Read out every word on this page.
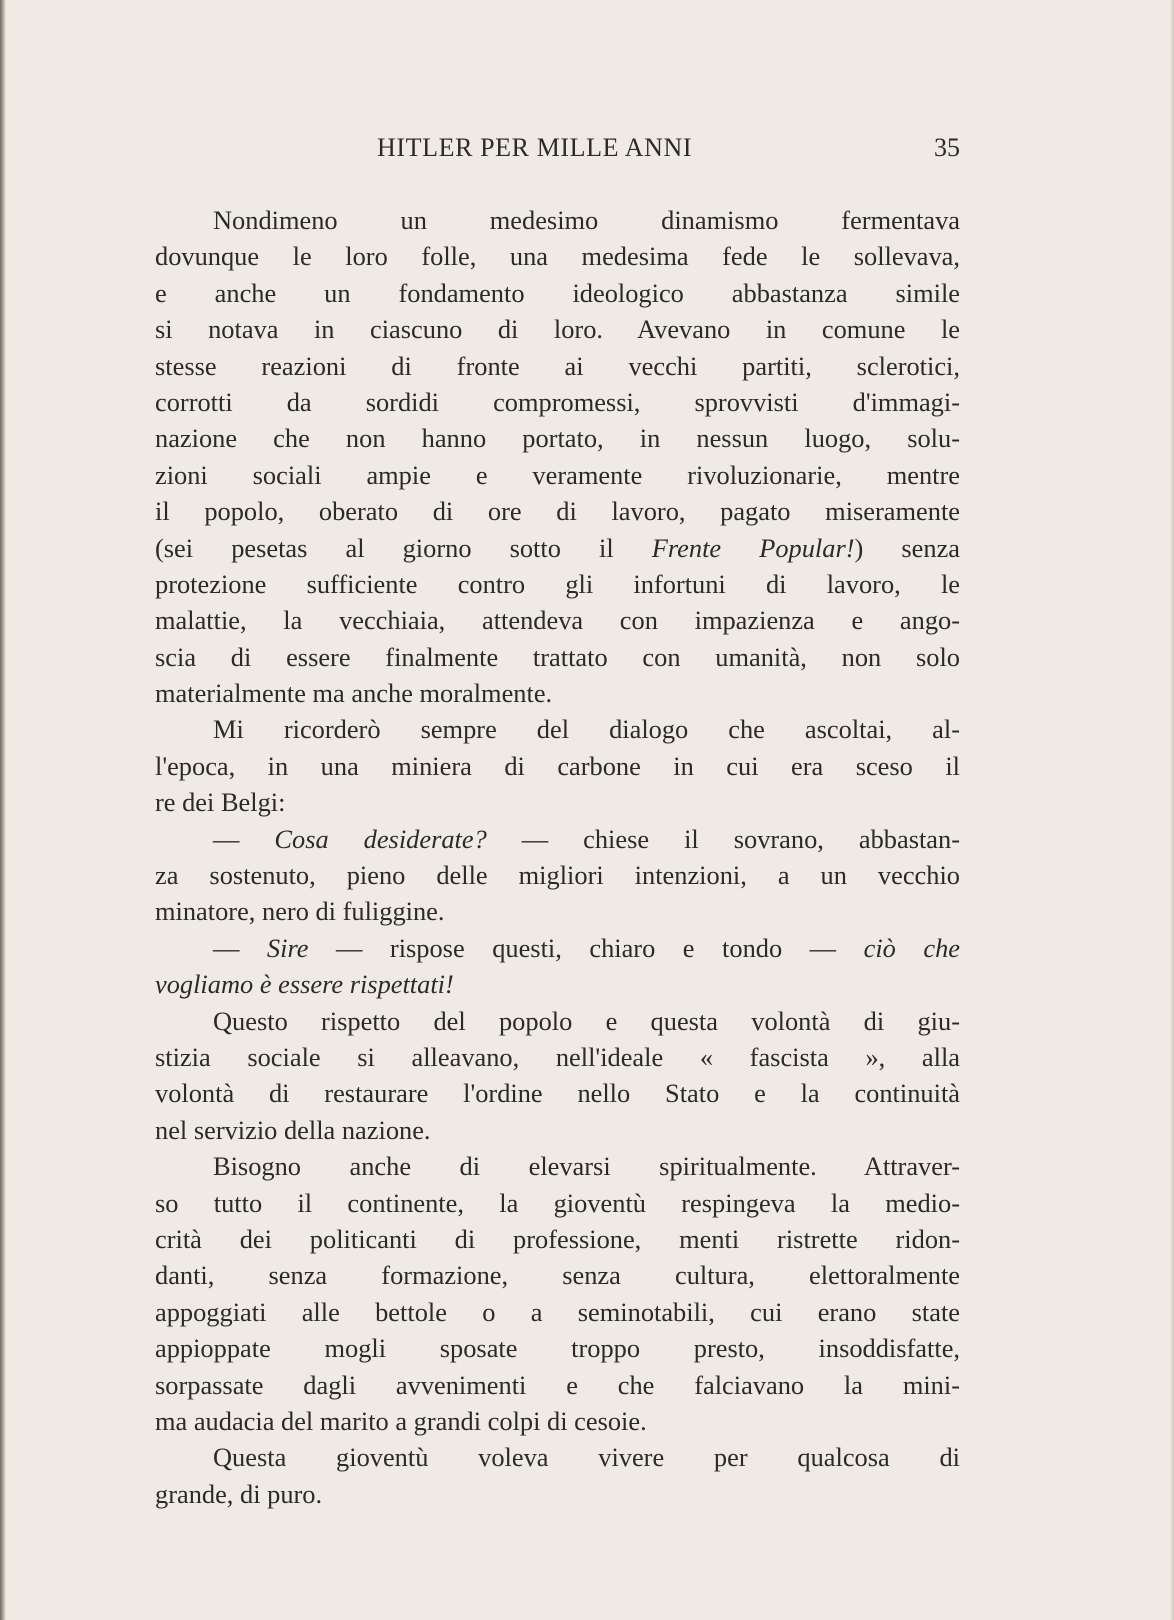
HITLER PER MILLE ANNI	35
Nondimeno un medesimo dinamismo fermentava
dovunque le loro folle, una medesima fede le sollevava,
e anche un fondamento ideologico abbastanza simile
si notava in ciascuno di loro. Avevano in comune le
stesse reazioni di fronte ai vecchi partiti, sclerotici,
corrotti da sordidi compromessi, sprovvisti d'immagi-
nazione che non hanno portato, in nessun luogo, solu-
zioni sociali ampie e veramente rivoluzionarie, mentre
il popolo, oberato di ore di lavoro, pagato miseramente
(sei pesetas al giorno sotto il Frente Popular!) senza
protezione sufficiente contro gli infortuni di lavoro, le
malattie, la vecchiaia, attendeva con impazienza e ango-
scia di essere finalmente trattato con umanità, non solo
materialmente ma anche moralmente.
Mi ricorderò sempre del dialogo che ascoltai, al-
l'epoca, in una miniera di carbone in cui era sceso il
re dei Belgi:
— Cosa desiderate? — chiese il sovrano, abbastan-
za sostenuto, pieno delle migliori intenzioni, a un vecchio
minatore, nero di fuliggine.
— Sire — rispose questi, chiaro e tondo — ciò che
vogliamo è essere rispettati!
Questo rispetto del popolo e questa volontà di giu-
stizia sociale si alleavano, nell'ideale « fascista », alla
volontà di restaurare l'ordine nello Stato e la continuità
nel servizio della nazione.
Bisogno anche di elevarsi spiritualmente. Attraver-
so tutto il continente, la gioventù respingeva la medio-
crità dei politicanti di professione, menti ristrette ridon-
danti, senza formazione, senza cultura, elettoralmente
appoggiati alle bettole o a seminotabili, cui erano state
appioppate mogli sposate troppo presto, insoddisfatte,
sorpassate dagli avvenimenti e che falciavano la mini-
ma audacia del marito a grandi colpi di cesoie.
Questa gioventù voleva vivere per qualcosa di
grande, di puro.
